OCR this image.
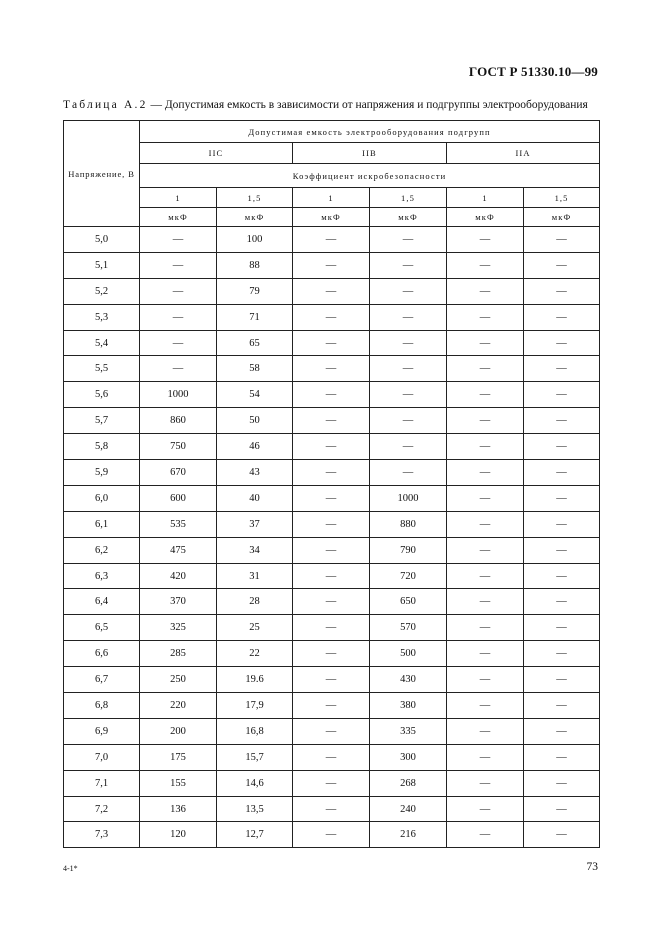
ГОСТ Р 51330.10—99
Таблица А.2 — Допустимая емкость в зависимости от напряжения и подгруппы электрооборудования
Напряжение, В	Допустимая емкость электрооборудования подгрупп					
	IIC		IIB		IIA	
	Коэффициент искробезопасности					
	1	1,5	1	1,5	1	1,5
	мкФ	мкФ	мкФ	мкФ	мкФ	мкФ
5,0	—	100	—	—	—	—
5,1	—	88	—	—	—	—
5,2	—	79	—	—	—	—
5,3	—	71	—	—	—	—
5,4	—	65	—	—	—	—
5,5	—	58	—	—	—	—
5,6	1000	54	—	—	—	—
5,7	860	50	—	—	—	—
5,8	750	46	—	—	—	—
5,9	670	43	—	—	—	—
6,0	600	40	—	1000	—	—
6,1	535	37	—	880	—	—
6,2	475	34	—	790	—	—
6,3	420	31	—	720	—	—
6,4	370	28	—	650	—	—
6,5	325	25	—	570	—	—
6,6	285	22	—	500	—	—
6,7	250	19.6	—	430	—	—
6,8	220	17,9	—	380	—	—
6,9	200	16,8	—	335	—	—
7,0	175	15,7	—	300	—	—
7,1	155	14,6	—	268	—	—
7,2	136	13,5	—	240	—	—
7,3	120	12,7	—	216	—	—
4-1*	73
